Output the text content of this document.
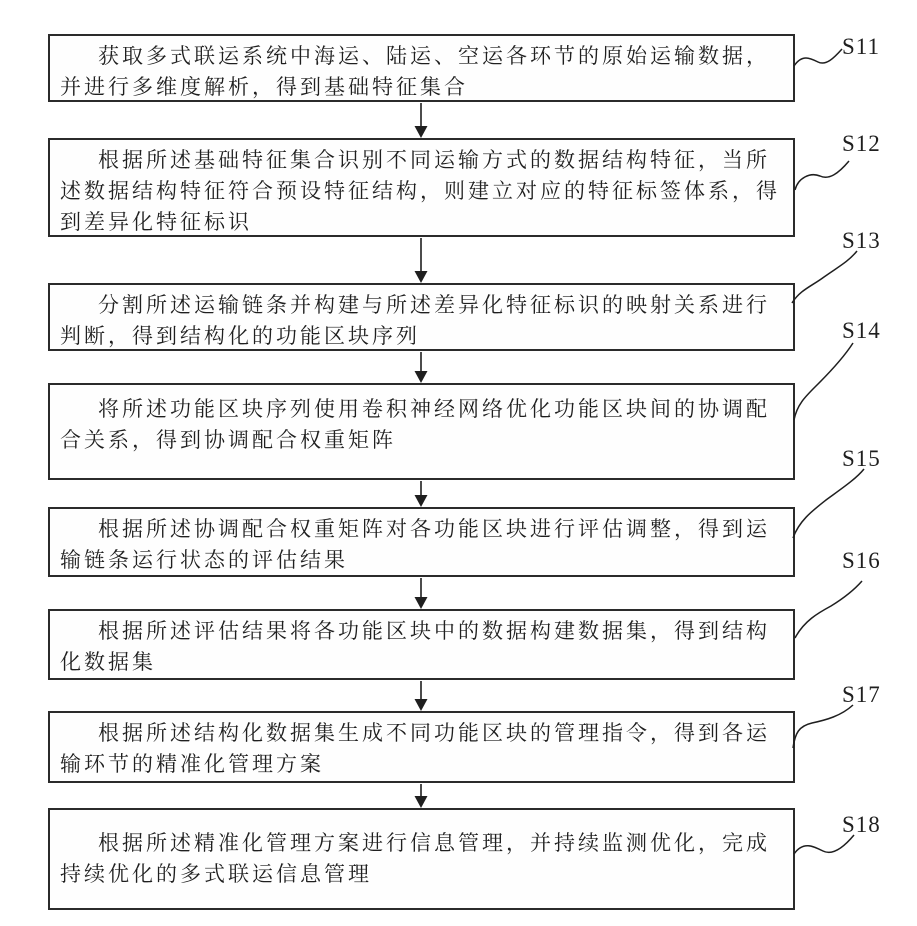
获取多式联运系统中海运、陆运、空运各环节的原始运输数据，
并进行多维度解析，得到基础特征集合
根据所述基础特征集合识别不同运输方式的数据结构特征，当所
述数据结构特征符合预设特征结构，则建立对应的特征标签体系，得
到差异化特征标识
分割所述运输链条并构建与所述差异化特征标识的映射关系进行
判断，得到结构化的功能区块序列
将所述功能区块序列使用卷积神经网络优化功能区块间的协调配
合关系，得到协调配合权重矩阵
根据所述协调配合权重矩阵对各功能区块进行评估调整，得到运
输链条运行状态的评估结果
根据所述评估结果将各功能区块中的数据构建数据集，得到结构
化数据集
根据所述结构化数据集生成不同功能区块的管理指令，得到各运
输环节的精准化管理方案
根据所述精准化管理方案进行信息管理，并持续监测优化，完成
持续优化的多式联运信息管理
S11
S12
S13
S14
S15
S16
S17
S18
